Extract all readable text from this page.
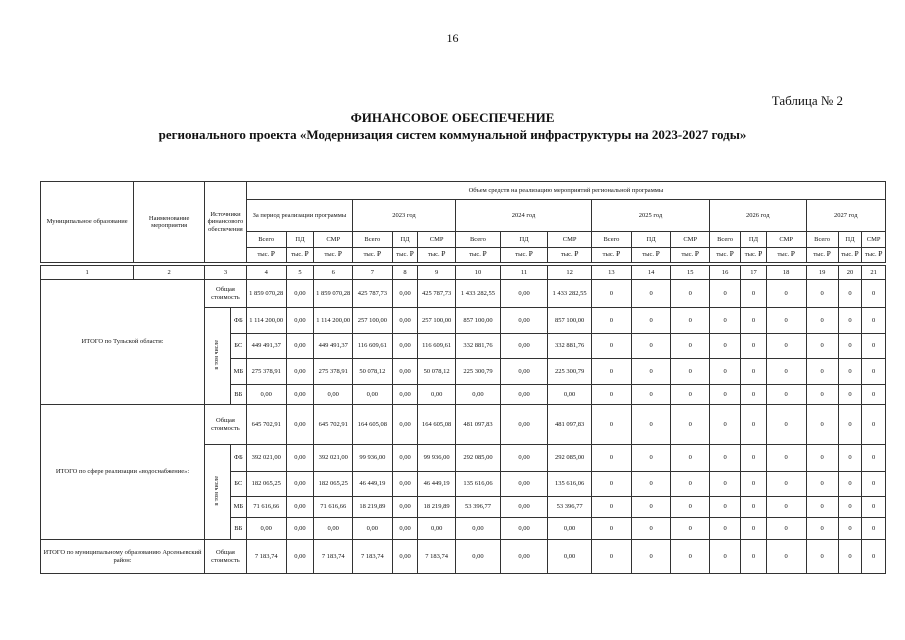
16
Таблица № 2
ФИНАНСОВОЕ ОБЕСПЕЧЕНИЕ
регионального проекта «Модернизация систем коммунальной инфраструктуры на 2023-2027 годы»
Муниципальное образование	Наименование мероприятия	Источники финансового обеспечения		Объем средств на реализацию мероприятий региональной программы																	
				За период реализации программы			2023 год			2024 год			2025 год			2026 год			2027 год		
				Всего	ПД	СМР	Всего	ПД	СМР	Всего	ПД	СМР	Всего	ПД	СМР	Всего	ПД	СМР	Всего	ПД	СМР
				тыс. ₽	тыс. ₽	тыс. ₽	тыс. ₽	тыс. ₽	тыс. ₽	тыс. ₽	тыс. ₽	тыс. ₽	тыс. ₽	тыс. ₽	тыс. ₽	тыс. ₽	тыс. ₽	тыс. ₽	тыс. ₽	тыс. ₽	тыс. ₽

1	2	3		4	5	6	7	8	9	10	11	12	13	14	15	16	17	18	19	20	21
ИТОГО по Тульской области:		Общая стоимость		1 859 070,28	0,00	1 859 070,28	425 787,73	0,00	425 787,73	1 433 282,55	0,00	1 433 282,55	0	0	0	0	0	0	0	0	0
		в том числе	ФБ	1 114 200,00	0,00	1 114 200,00	257 100,00	0,00	257 100,00	857 100,00	0,00	857 100,00	0	0	0	0	0	0	0	0	0
			БС	449 491,37	0,00	449 491,37	116 609,61	0,00	116 609,61	332 881,76	0,00	332 881,76	0	0	0	0	0	0	0	0	0
			МБ	275 378,91	0,00	275 378,91	50 078,12	0,00	50 078,12	225 300,79	0,00	225 300,79	0	0	0	0	0	0	0	0	0
			ВБ	0,00	0,00	0,00	0,00	0,00	0,00	0,00	0,00	0,00	0	0	0	0	0	0	0	0	0
ИТОГО по сфере реализации «водоснабжение»:		Общая стоимость		645 702,91	0,00	645 702,91	164 605,08	0,00	164 605,08	481 097,83	0,00	481 097,83	0	0	0	0	0	0	0	0	0
		в том числе	ФБ	392 021,00	0,00	392 021,00	99 936,00	0,00	99 936,00	292 085,00	0,00	292 085,00	0	0	0	0	0	0	0	0	0
			БС	182 065,25	0,00	182 065,25	46 449,19	0,00	46 449,19	135 616,06	0,00	135 616,06	0	0	0	0	0	0	0	0	0
			МБ	71 616,66	0,00	71 616,66	18 219,89	0,00	18 219,89	53 396,77	0,00	53 396,77	0	0	0	0	0	0	0	0	0
			ВБ	0,00	0,00	0,00	0,00	0,00	0,00	0,00	0,00	0,00	0	0	0	0	0	0	0	0	0
ИТОГО по муниципальному образованию Арсеньевский район:		Общая стоимость		7 183,74	0,00	7 183,74	7 183,74	0,00	7 183,74	0,00	0,00	0,00	0	0	0	0	0	0	0	0	0
